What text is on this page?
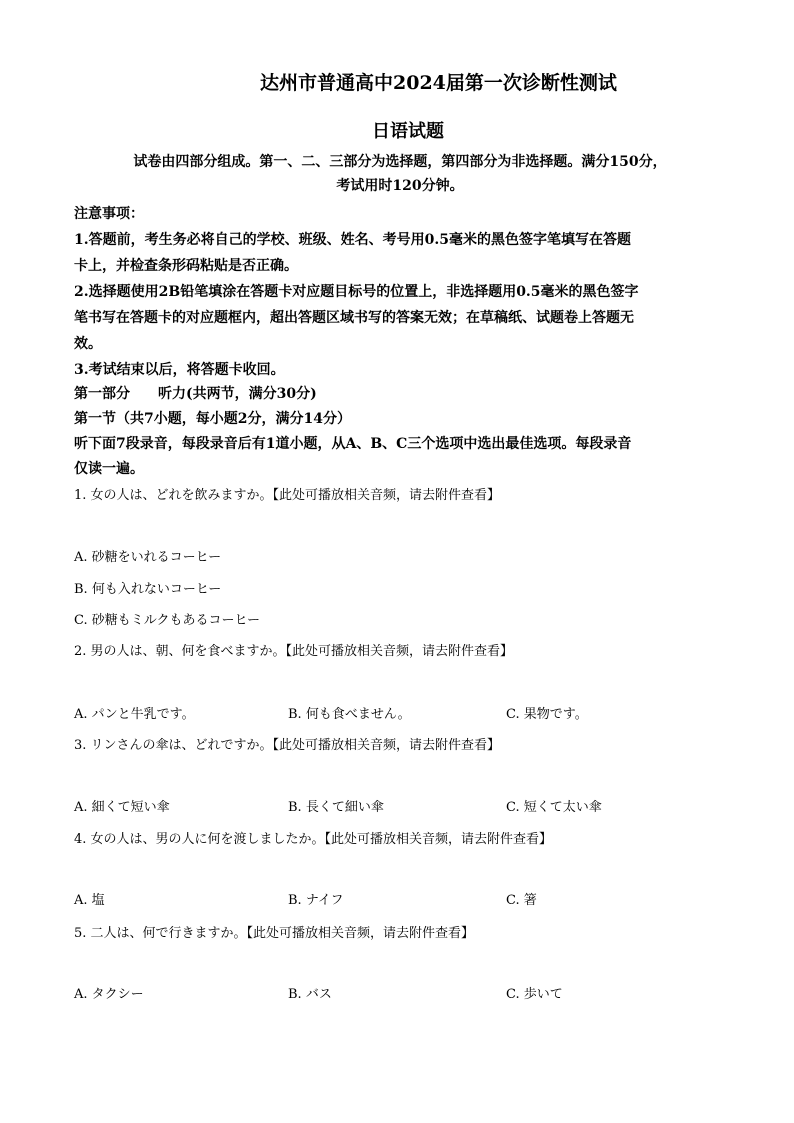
达州市普通高中2024届第一次诊断性测试
日语试题
试卷由四部分组成。第一、二、三部分为选择题，第四部分为非选择题。满分150分，
考试用时120分钟。
注意事项：
1.答题前，考生务必将自己的学校、班级、姓名、考号用0.5毫米的黑色签字笔填写在答题
卡上，并检查条形码粘贴是否正确。
2.选择题使用2B铅笔填涂在答题卡对应题目标号的位置上，非选择题用0.5毫米的黑色签字
笔书写在答题卡的对应题框内，超出答题区域书写的答案无效；在草稿纸、试题卷上答题无
效。
3.考试结束以后，将答题卡收回。
第一部分　　听力(共两节，满分30分)
第一节（共7小题，每小题2分，满分14分）
听下面7段录音，每段录音后有1道小题，从A、B、C三个选项中选出最佳选项。每段录音
仅读一遍。
1. 女の人は、どれを飲みますか。【此处可播放相关音频，请去附件查看】
A. 砂糖をいれるコーヒー
B. 何も入れないコーヒー
C. 砂糖もミルクもあるコーヒー
2. 男の人は、朝、何を食べますか。【此处可播放相关音频，请去附件查看】
A. パンと牛乳です。	B. 何も食べません。	C. 果物です。
3. リンさんの傘は、どれですか。【此处可播放相关音频，请去附件查看】
A. 細くて短い傘	B. 長くて細い傘	C. 短くて太い傘
4. 女の人は、男の人に何を渡しましたか。【此处可播放相关音频，请去附件查看】
A. 塩	B. ナイフ	C. 箸
5. 二人は、何で行きますか。【此处可播放相关音频，请去附件查看】
A. タクシー	B. バス	C. 歩いて
